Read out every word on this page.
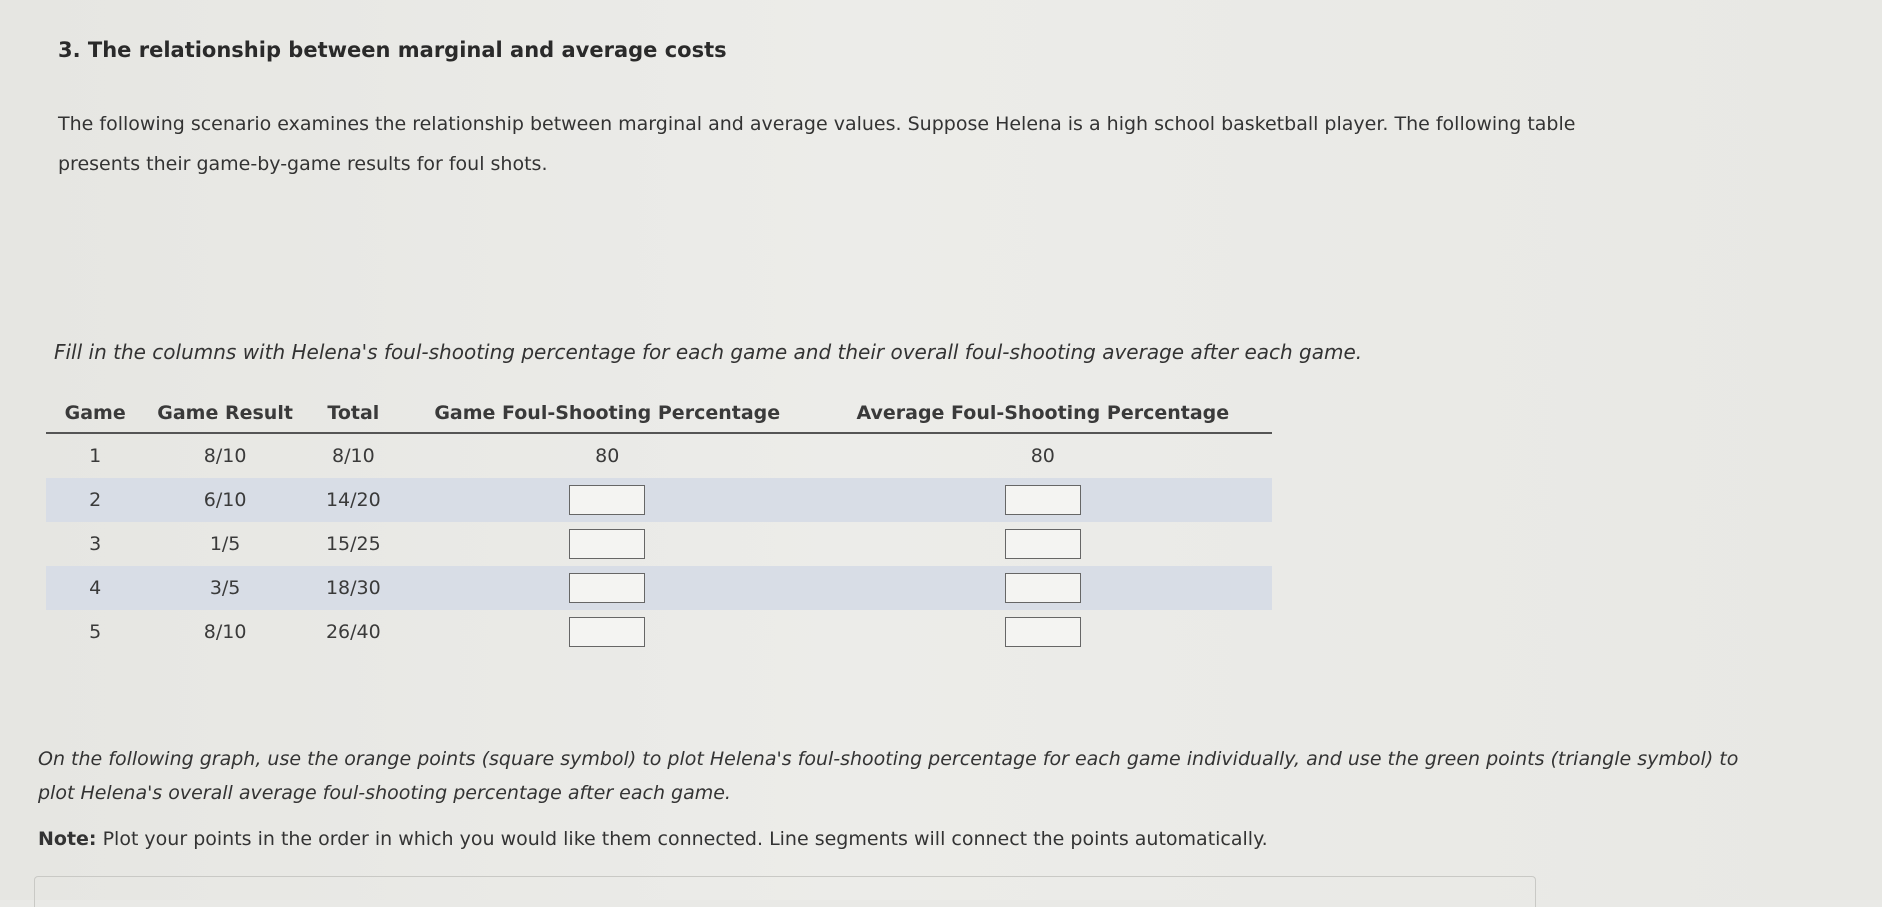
3. The relationship between marginal and average costs

The following scenario examines the relationship between marginal and average values. Suppose Helena is a high school basketball player. The following table presents their game-by-game results for foul shots.

Fill in the columns with Helena's foul-shooting percentage for each game and their overall foul-shooting average after each game.

Game	Game Result	Total	Game Foul-Shooting Percentage	Average Foul-Shooting Percentage
1	8/10	8/10	80	80
2	6/10	14/20		
3	1/5	15/25		
4	3/5	18/30		
5	8/10	26/40		

On the following graph, use the orange points (square symbol) to plot Helena's foul-shooting percentage for each game individually, and use the green points (triangle symbol) to plot Helena's overall average foul-shooting percentage after each game.

Note: Plot your points in the order in which you would like them connected. Line segments will connect the points automatically.
